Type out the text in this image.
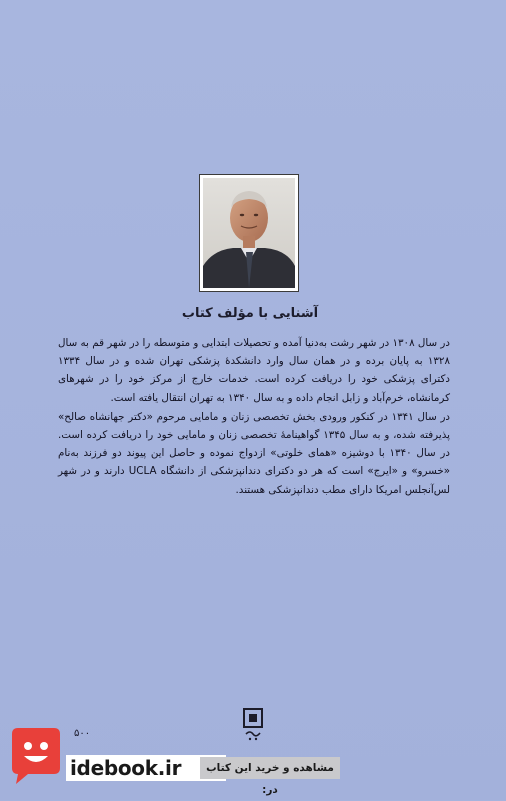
آشنایی با مؤلف کتاب

در سال ۱۳۰۸ در شهر رشت به‌دنیا آمده و تحصیلات ابتدایی و متوسطه را در شهر قم به سال ۱۳۲۸ به پایان برده و در همان سال وارد دانشکدهٔ پزشکی تهران شده و در سال ۱۳۳۴ دکترای پزشکی خود را دریافت کرده است. خدمات خارج از مرکز خود را در شهرهای کرمانشاه، خرم‌آباد و زابل انجام داده و به سال ۱۳۴۰ به تهران انتقال یافته است.

در سال ۱۳۴۱ در کنکور ورودی بخش تخصصی زنان و مامایی مرحوم «دکتر جهانشاه صالح» پذیرفته شده، و به سال ۱۳۴۵ گواهینامهٔ تخصصی زنان و مامایی خود را دریافت کرده است. در سال ۱۳۴۰ با دوشیزه «همای خلوتی» ازدواج نموده و حاصل این پیوند دو فرزند به‌نام «خسرو» و «ایرج» است که هر دو دکترای دندانپزشکی از دانشگاه UCLA دارند و در شهر لس‌آنجلس امریکا دارای مطب دندانپزشکی هستند.

۵۰۰
idebook.ir	مشاهده و خرید این کتاب در:
